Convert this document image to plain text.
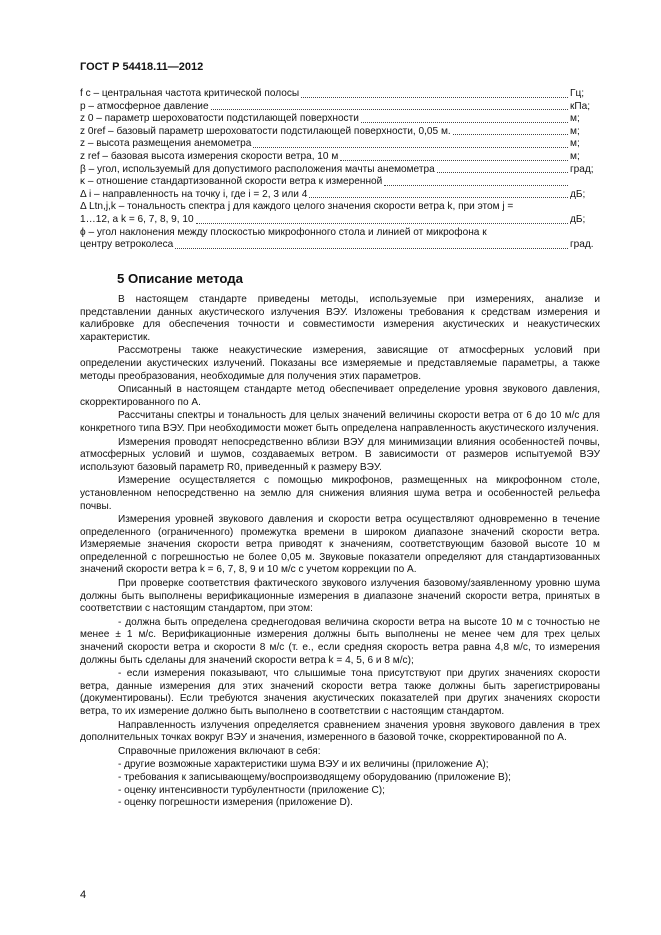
ГОСТ Р 54418.11—2012
f c – центральная частота критической полосы	Гц;
p – атмосферное давление	кПа;
z 0 – параметр шероховатости подстилающей поверхности	м;
z 0ref – базовый параметр шероховатости подстилающей поверхности, 0,05 м.	м;
z – высота размещения анемометра	м;
z ref – базовая высота измерения скорости ветра, 10 м	м;
β – угол, используемый для допустимого расположения мачты анемометра	град;
κ – отношение стандартизованной скорости ветра к измеренной
Δ i – направленность на точку i, где i = 2, 3 или 4	дБ;
Δ Ltn,j,k – тональность спектра j для каждого целого значения скорости ветра k, при этом j =
1…12, а k = 6, 7, 8, 9, 10	дБ;
ϕ – угол наклонения между плоскостью микрофонного стола и линией от микрофона к
центру ветроколеса	град.
5 Описание метода

В настоящем стандарте приведены методы, используемые при измерениях, анализе и представлении данных акустического излучения ВЭУ. Изложены требования к средствам измерения и калибровке для обеспечения точности и совместимости измерения акустических и неакустических характеристик.

Рассмотрены также неакустические измерения, зависящие от атмосферных условий при определении акустических излучений. Показаны все измеряемые и представляемые параметры, а также методы преобразования, необходимые для получения этих параметров.

Описанный в настоящем стандарте метод обеспечивает определение уровня звукового давления, скорректированного по A.

Рассчитаны спектры и тональность для целых значений величины скорости ветра от 6 до 10 м/с для конкретного типа ВЭУ. При необходимости может быть определена направленность акустического излучения.

Измерения проводят непосредственно вблизи ВЭУ для минимизации влияния особенностей почвы, атмосферных условий и шумов, создаваемых ветром. В зависимости от размеров испытуемой ВЭУ используют базовый параметр R0, приведенный к размеру ВЭУ.

Измерение осуществляется с помощью микрофонов, размещенных на микрофонном столе, установленном непосредственно на землю для снижения влияния шума ветра и особенностей рельефа почвы.

Измерения уровней звукового давления и скорости ветра осуществляют одновременно в течение определенного (ограниченного) промежутка времени в широком диапазоне значений скорости ветра. Измеряемые значения скорости ветра приводят к значениям, соответствующим базовой высоте 10 м определенной с погрешностью не более 0,05 м. Звуковые показатели определяют для стандартизованных значений скорости ветра k = 6, 7, 8, 9 и 10 м/с с учетом коррекции по A.

При проверке соответствия фактического звукового излучения базовому/заявленному уровню шума должны быть выполнены верификационные измерения в диапазоне значений скорости ветра, принятых в соответствии с настоящим стандартом, при этом:

- должна быть определена среднегодовая величина скорости ветра на высоте 10 м с точностью не менее ± 1 м/с. Верификационные измерения должны быть выполнены не менее чем для трех целых значений скорости ветра и скорости 8 м/с (т. е., если средняя скорость ветра равна 4,8 м/с, то измерения должны быть сделаны для значений скорости ветра k = 4, 5, 6 и 8 м/с);

- если измерения показывают, что слышимые тона присутствуют при других значениях скорости ветра, данные измерения для этих значений скорости ветра также должны быть зарегистрированы (документированы). Если требуются значения акустических показателей при других значениях скорости ветра, то их измерение должно быть выполнено в соответствии с настоящим стандартом.

Направленность излучения определяется сравнением значения уровня звукового давления в трех дополнительных точках вокруг ВЭУ и значения, измеренного в базовой точке, скорректированной по A.

Справочные приложения включают в себя:

- другие возможные характеристики шума ВЭУ и их величины (приложение А);

- требования к записывающему/воспроизводящему оборудованию (приложение В);

- оценку интенсивности турбулентности (приложение С);

- оценку погрешности измерения (приложение D).

4
